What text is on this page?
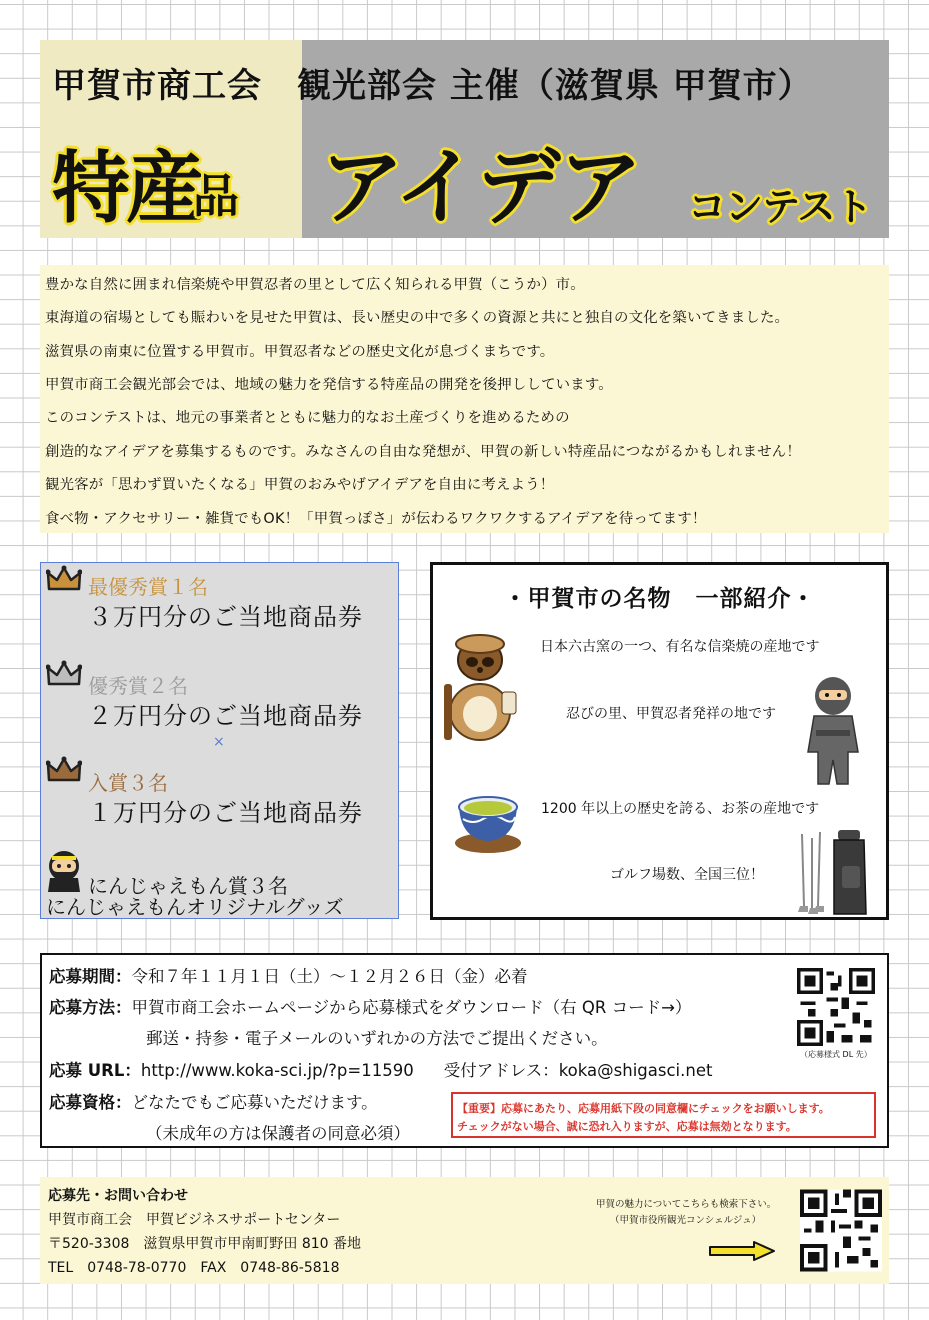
甲賀市商工会　観光部会 主催（滋賀県 甲賀市）
特産
品 アイデア コンテスト
豊かな自然に囲まれ信楽焼や甲賀忍者の里として広く知られる甲賀（こうか）市。
東海道の宿場としても賑わいを見せた甲賀は、長い歴史の中で多くの資源と共にと独自の文化を築いてきました。
滋賀県の南東に位置する甲賀市。甲賀忍者などの歴史文化が息づくまちです。
甲賀市商工会観光部会では、地域の魅力を発信する特産品の開発を後押ししています。
このコンテストは、地元の事業者とともに魅力的なお土産づくりを進めるための
創造的なアイデアを募集するものです。みなさんの自由な発想が、甲賀の新しい特産品につながるかもしれません！
観光客が「思わず買いたくなる」甲賀のおみやげアイデアを自由に考えよう！
食べ物・アクセサリー・雑貨でもOK！「甲賀っぽさ」が伝わるワクワクするアイデアを待ってます！
最優秀賞１名
３万円分のご当地商品券
優秀賞２名
２万円分のご当地商品券
×
入賞３名
１万円分のご当地商品券
にんじゃえもん賞３名
にんじゃえもんオリジナルグッズ
・甲賀市の名物　一部紹介・
日本六古窯の一つ、有名な信楽焼の産地です
忍びの里、甲賀忍者発祥の地です
1200 年以上の歴史を誇る、お茶の産地です
ゴルフ場数、全国三位！
応募期間：令和７年１１月１日（土）～１２月２６日（金）必着
応募方法：甲賀市商工会ホームページから応募様式をダウンロード（右 QR コード→）
郵送・持参・電子メールのいずれかの方法でご提出ください。
応募 URL：http://www.koka-sci.jp/?p=11590 受付アドレス：koka@shigasci.net
応募資格：どなたでもご応募いただけます。
（未成年の方は保護者の同意必須）
（応募様式 DL 先）
【重要】応募にあたり、応募用紙下段の同意欄にチェックをお願いします。
チェックがない場合、誠に恐れ入りますが、応募は無効となります。
応募先・お問い合わせ
甲賀市商工会　甲賀ビジネスサポートセンター
〒520-3308　滋賀県甲賀市甲南町野田 810 番地
TEL　0748-78-0770　FAX　0748-86-5818
甲賀の魅力についてこちらも検索下さい。
（甲賀市役所観光コンシェルジュ）
